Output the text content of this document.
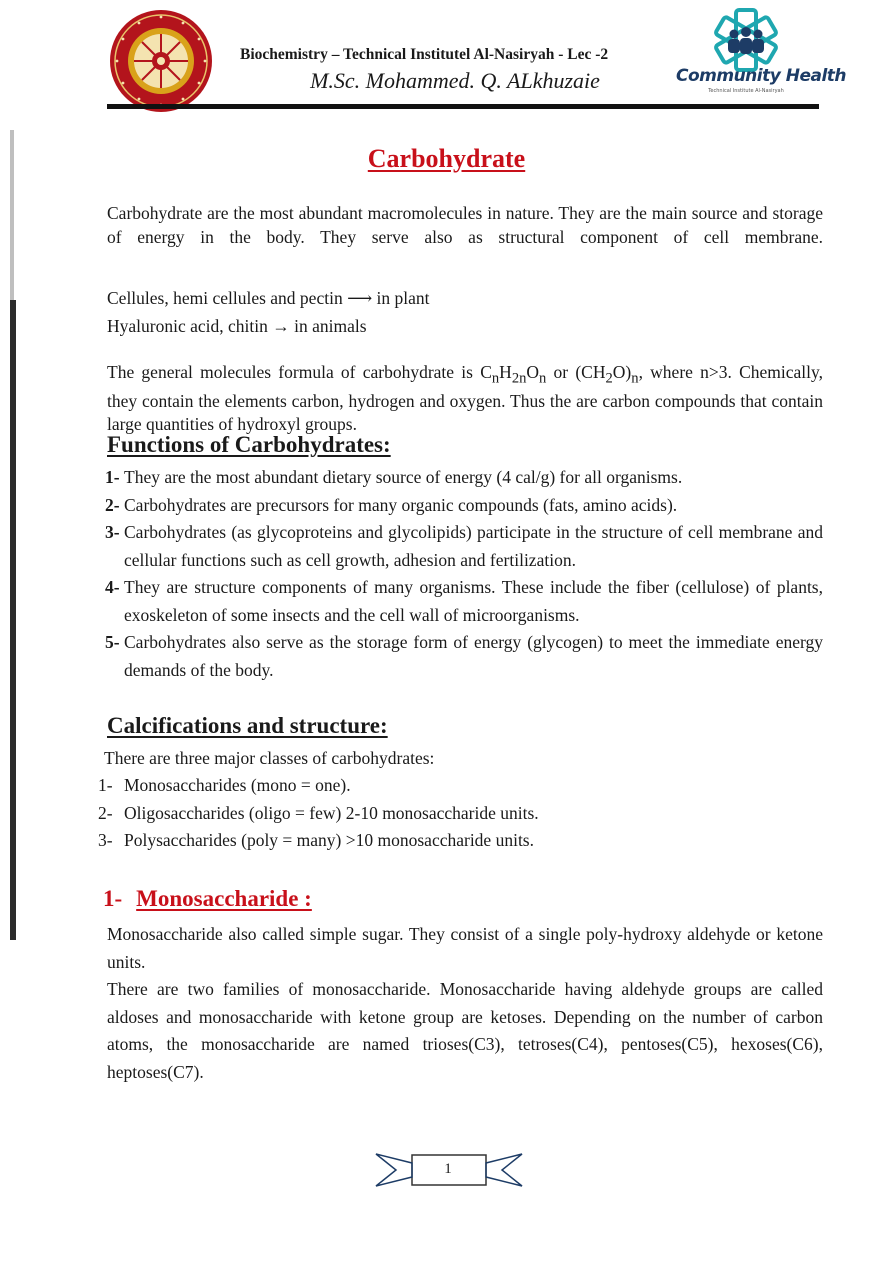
Biochemistry – Technical Institutel Al-Nasiryah - Lec -2
M.Sc. Mohammed. Q. ALkhuzaie	Community Health
Technical Institute Al-Nasiryah
Carbohydrate
Carbohydrate are the most abundant macromolecules in nature. They are the main source and storage of energy in the body. They serve also as structural component of cell membrane.
Cellules, hemi cellules and pectin ⟶ in plant
Hyaluronic acid, chitin → in animals
The general molecules formula of carbohydrate is $C_nH_{2n}O_n$ or $(CH_2O)_n$, where n>3. Chemically, they contain the elements carbon, hydrogen and oxygen. Thus the are carbon compounds that contain large quantities of hydroxyl groups.
Functions of Carbohydrates:
1- They are the most abundant dietary source of energy (4 cal/g) for all organisms.
2- Carbohydrates are precursors for many organic compounds (fats, amino acids).
3- Carbohydrates (as glycoproteins and glycolipids) participate in the structure of cell membrane and cellular functions such as cell growth, adhesion and fertilization.
4- They are structure components of many organisms. These include the fiber (cellulose) of plants, exoskeleton of some insects and the cell wall of microorganisms.
5- Carbohydrates also serve as the storage form of energy (glycogen) to meet the immediate energy demands of the body.
Calcifications and structure:
There are three major classes of carbohydrates:
1- Monosaccharides (mono = one).
2- Oligosaccharides (oligo = few) 2-10 monosaccharide units.
3- Polysaccharides (poly = many) >10 monosaccharide units.
1- Monosaccharide :
Monosaccharide also called simple sugar. They consist of a single poly-hydroxy aldehyde or ketone units.
There are two families of monosaccharide. Monosaccharide having aldehyde groups are called aldoses and monosaccharide with ketone group are ketoses. Depending on the number of carbon atoms, the monosaccharide are named trioses(C3), tetroses(C4), pentoses(C5), hexoses(C6), heptoses(C7).
1
